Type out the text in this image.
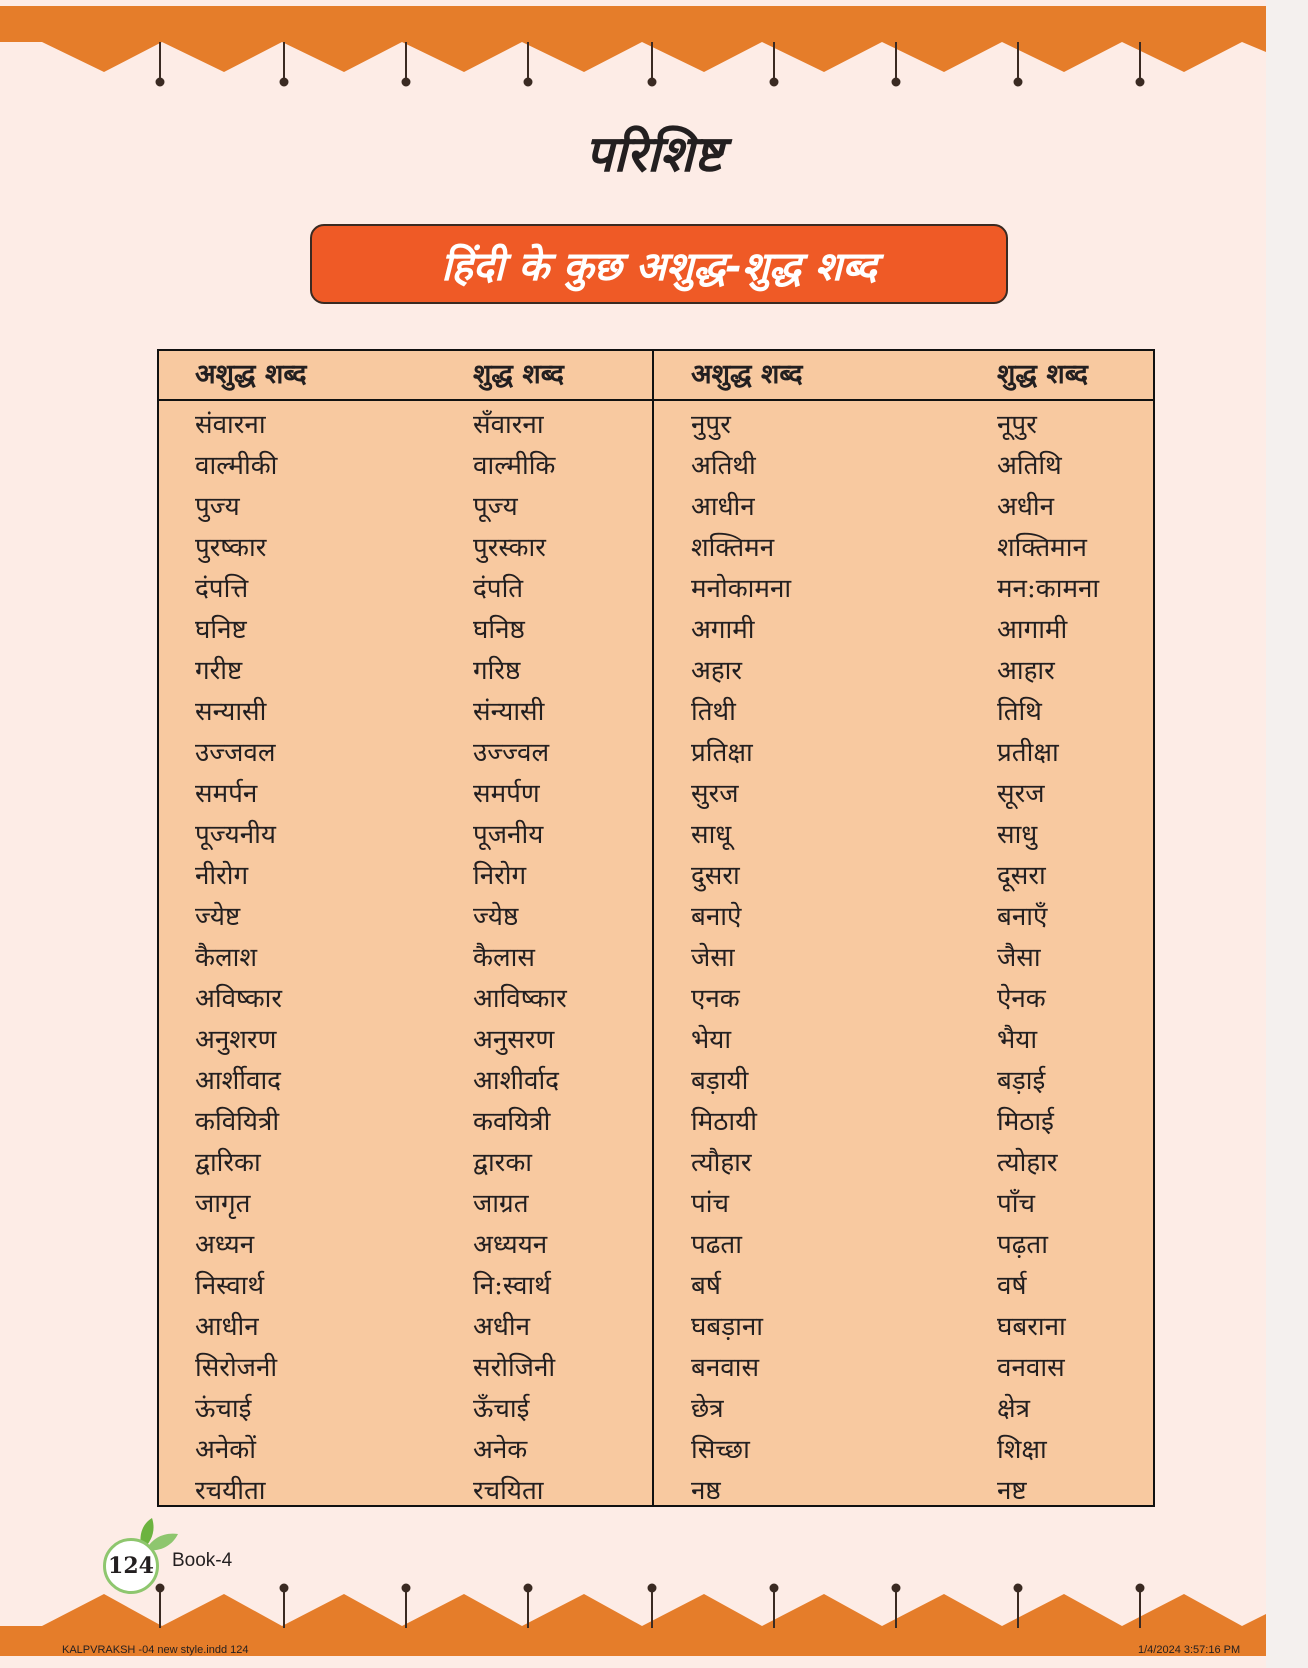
परिशिष्ट
हिंदी के कुछ अशुद्ध-शुद्ध शब्द
अशुद्ध शब्द
संवारना
वाल्मीकी
पुज्य
पुरष्कार
दंपत्ति
घनिष्ट
गरीष्ट
सन्यासी
उज्जवल
समर्पन
पूज्यनीय
नीरोग
ज्येष्ट
कैलाश
अविष्कार
अनुशरण
आर्शीवाद
कवियित्री
द्वारिका
जागृत
अध्यन
निस्वार्थ
आधीन
सिरोजनी
ऊंचाई
अनेकों
रचयीता
शुद्ध शब्द
सँवारना
वाल्मीकि
पूज्य
पुरस्कार
दंपति
घनिष्ठ
गरिष्ठ
संन्यासी
उज्ज्वल
समर्पण
पूजनीय
निरोग
ज्येष्ठ
कैलास
आविष्कार
अनुसरण
आशीर्वाद
कवयित्री
द्वारका
जाग्रत
अध्ययन
नि:स्वार्थ
अधीन
सरोजिनी
ऊँचाई
अनेक
रचयिता
अशुद्ध शब्द
नुपुर
अतिथी
आधीन
शक्तिमन
मनोकामना
अगामी
अहार
तिथी
प्रतिक्षा
सुरज
साधू
दुसरा
बनाऐ
जेसा
एनक
भेया
बड़ायी
मिठायी
त्यौहार
पांच
पढता
बर्ष
घबड़ाना
बनवास
छेत्र
सिच्छा
नष्ठ
शुद्ध शब्द
नूपुर
अतिथि
अधीन
शक्तिमान
मन:कामना
आगामी
आहार
तिथि
प्रतीक्षा
सूरज
साधु
दूसरा
बनाएँ
जैसा
ऐनक
भैया
बड़ाई
मिठाई
त्योहार
पाँच
पढ़ता
वर्ष
घबराना
वनवास
क्षेत्र
शिक्षा
नष्ट
124 Book-4
KALPVRAKSH -04 new style.indd 124	1/4/2024 3:57:16 PM
